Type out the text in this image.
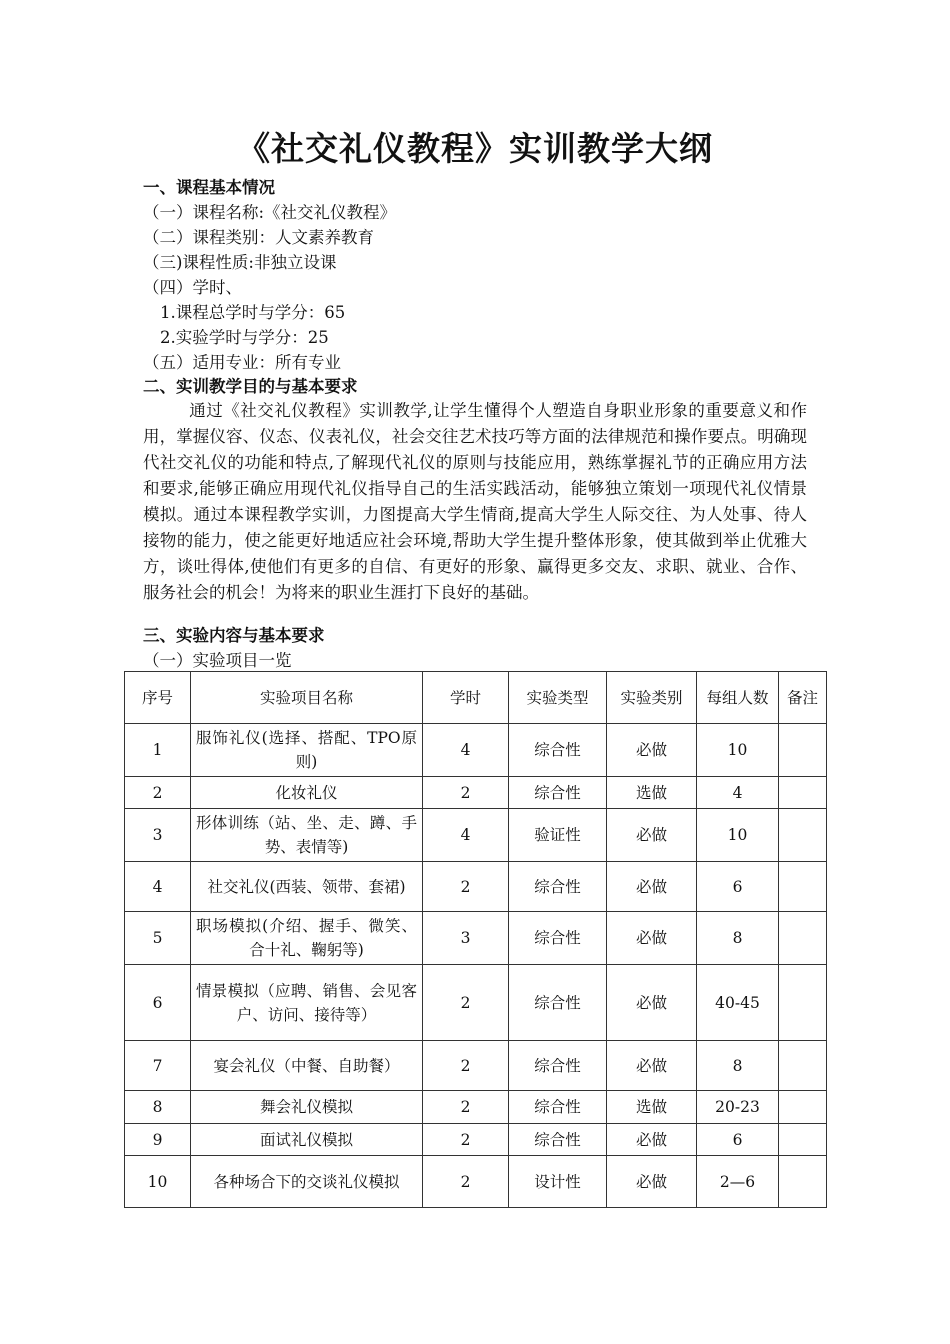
《社交礼仪教程》实训教学大纲
一、课程基本情况
（一）课程名称:《社交礼仪教程》
（二）课程类别：人文素养教育
（三)课程性质:非独立设课
（四）学时、
1.课程总学时与学分：65
2.实验学时与学分：25
（五）适用专业：所有专业
二、实训教学目的与基本要求
通过《社交礼仪教程》实训教学,让学生懂得个人塑造自身职业形象的重要意义和作用，掌握仪容、仪态、仪表礼仪，社会交往艺术技巧等方面的法律规范和操作要点。明确现代社交礼仪的功能和特点,了解现代礼仪的原则与技能应用，熟练掌握礼节的正确应用方法和要求,能够正确应用现代礼仪指导自己的生活实践活动，能够独立策划一项现代礼仪情景模拟。通过本课程教学实训，力图提高大学生情商,提高大学生人际交往、为人处事、待人接物的能力，使之能更好地适应社会环境,帮助大学生提升整体形象，使其做到举止优雅大方，谈吐得体,使他们有更多的自信、有更好的形象、赢得更多交友、求职、就业、合作、服务社会的机会！为将来的职业生涯打下良好的基础。
三、实验内容与基本要求
（一）实验项目一览
序号	实验项目名称	学时	实验类型	实验类别	每组人数	备注
1	服饰礼仪(选择、搭配、TPO原则)	4	综合性	必做	10	
2	化妆礼仪	2	综合性	选做	4	
3	形体训练（站、坐、走、蹲、手势、表情等)	4	验证性	必做	10	
4	社交礼仪(西装、领带、套裙)	2	综合性	必做	6	
5	职场模拟(介绍、握手、微笑、合十礼、鞠躬等)	3	综合性	必做	8	
6	情景模拟（应聘、销售、会见客户、访问、接待等）	2	综合性	必做	40-45	
7	宴会礼仪（中餐、自助餐）	2	综合性	必做	8	
8	舞会礼仪模拟	2	综合性	选做	20-23	
9	面试礼仪模拟	2	综合性	必做	6	
10	各种场合下的交谈礼仪模拟	2	设计性	必做	2—6	
